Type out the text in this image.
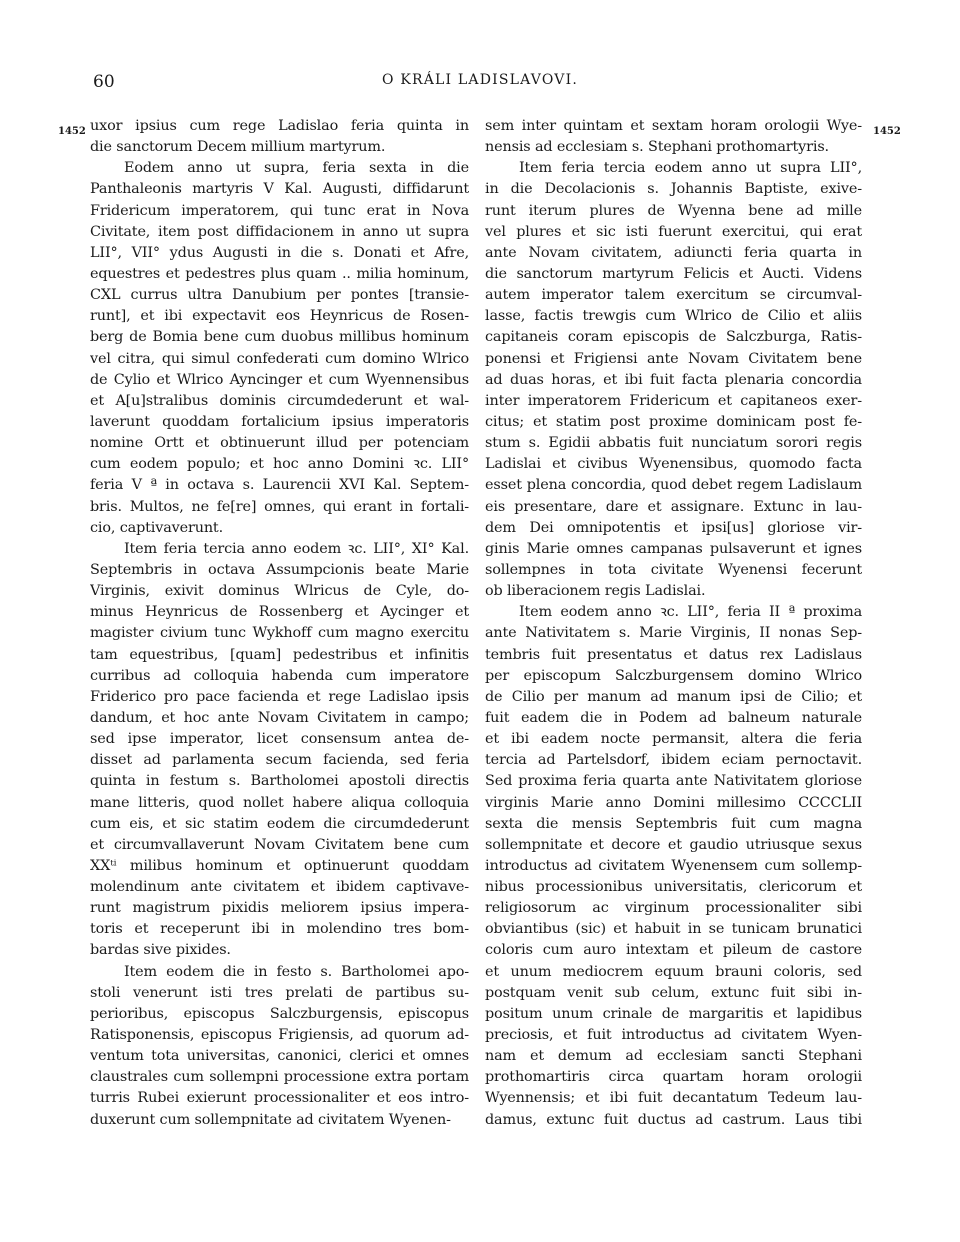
60	O KRÁLI LADISLAVOVI.
1452	1452
uxor ipsius cum rege Ladislao feria quinta in
die sanctorum Decem millium martyrum.
Eodem anno ut supra, feria sexta in die
Panthaleonis martyris V Kal. Augusti, diffidarunt
Fridericum imperatorem, qui tunc erat in Nova
Civitate, item post diffidacionem in anno ut supra
LII°, VII° ydus Augusti in die s. Donati et Afre,
equestres et pedestres plus quam .. milia hominum,
CXL currus ultra Danubium per pontes [transie-
runt], et ibi expectavit eos Heynricus de Rosen-
berg de Bomia bene cum duobus millibus hominum
vel citra, qui simul confederati cum domino Wlrico
de Cylio et Wlrico Ayncinger et cum Wyennensibus
et A[u]stralibus dominis circumdederunt et wal-
laverunt quoddam fortalicium ipsius imperatoris
nomine Ortt et obtinuerunt illud per potenciam
cum eodem populo; et hoc anno Domini ꝛc. LII°
feria V ª in octava s. Laurencii XVI Kal. Septem-
bris. Multos, ne fe[re] omnes, qui erant in fortali-
cio, captivaverunt.
Item feria tercia anno eodem ꝛc. LII°, XI° Kal.
Septembris in octava Assumpcionis beate Marie
Virginis, exivit dominus Wlricus de Cyle, do-
minus Heynricus de Rossenberg et Aycinger et
magister civium tunc Wykhoff cum magno exercitu
tam equestribus, [quam] pedestribus et infinitis
curribus ad colloquia habenda cum imperatore
Friderico pro pace facienda et rege Ladislao ipsis
dandum, et hoc ante Novam Civitatem in campo;
sed ipse imperator, licet consensum antea de-
disset ad parlamenta secum facienda, sed feria
quinta in festum s. Bartholomei apostoli directis
mane litteris, quod nollet habere aliqua colloquia
cum eis, et sic statim eodem die circumdederunt
et circumvallaverunt Novam Civitatem bene cum
XXᵗⁱ milibus hominum et optinuerunt quoddam
molendinum ante civitatem et ibidem captivave-
runt magistrum pixidis meliorem ipsius impera-
toris et receperunt ibi in molendino tres bom-
bardas sive pixides.
Item eodem die in festo s. Bartholomei apo-
stoli venerunt isti tres prelati de partibus su-
perioribus, episcopus Salczburgensis, episcopus
Ratisponensis, episcopus Frigiensis, ad quorum ad-
ventum tota universitas, canonici, clerici et omnes
claustrales cum sollempni processione extra portam
turris Rubei exierunt processionaliter et eos intro-
duxerunt cum sollempnitate ad civitatem Wyenen-
sem inter quintam et sextam horam orologii Wye-
nensis ad ecclesiam s. Stephani prothomartyris.
Item feria tercia eodem anno ut supra LII°,
in die Decolacionis s. Johannis Baptiste, exive-
runt iterum plures de Wyenna bene ad mille
vel plures et sic isti fuerunt exercitui, qui erat
ante Novam civitatem, adiuncti feria quarta in
die sanctorum martyrum Felicis et Aucti. Videns
autem imperator talem exercitum se circumval-
lasse, factis trewgis cum Wlrico de Cilio et aliis
capitaneis coram episcopis de Salczburga, Ratis-
ponensi et Frigiensi ante Novam Civitatem bene
ad duas horas, et ibi fuit facta plenaria concordia
inter imperatorem Fridericum et capitaneos exer-
citus; et statim post proxime dominicam post fe-
stum s. Egidii abbatis fuit nunciatum sorori regis
Ladislai et civibus Wyenensibus, quomodo facta
esset plena concordia, quod debet regem Ladislaum
eis presentare, dare et assignare. Extunc in lau-
dem Dei omnipotentis et ipsi[us] gloriose vir-
ginis Marie omnes campanas pulsaverunt et ignes
sollempnes in tota civitate Wyenensi fecerunt
ob liberacionem regis Ladislai.
Item eodem anno ꝛc. LII°, feria II ª proxima
ante Nativitatem s. Marie Virginis, II nonas Sep-
tembris fuit presentatus et datus rex Ladislaus
per episcopum Salczburgensem domino Wlrico
de Cilio per manum ad manum ipsi de Cilio; et
fuit eadem die in Podem ad balneum naturale
et ibi eadem nocte permansit, altera die feria
tercia ad Partelsdorf, ibidem eciam pernoctavit.
Sed proxima feria quarta ante Nativitatem gloriose
virginis Marie anno Domini millesimo CCCCLII
sexta die mensis Septembris fuit cum magna
sollempnitate et decore et gaudio utriusque sexus
introductus ad civitatem Wyenensem cum sollemp-
nibus processionibus universitatis, clericorum et
religiosorum ac virginum processionaliter sibi
obviantibus (sic) et habuit in se tunicam brunatici
coloris cum auro intextam et pileum de castore
et unum mediocrem equum brauni coloris, sed
postquam venit sub celum, extunc fuit sibi in-
positum unum crinale de margaritis et lapidibus
preciosis, et fuit introductus ad civitatem Wyen-
nam et demum ad ecclesiam sancti Stephani
prothomartiris circa quartam horam orologii
Wyennensis; et ibi fuit decantatum Tedeum lau-
damus, extunc fuit ductus ad castrum. Laus tibi
